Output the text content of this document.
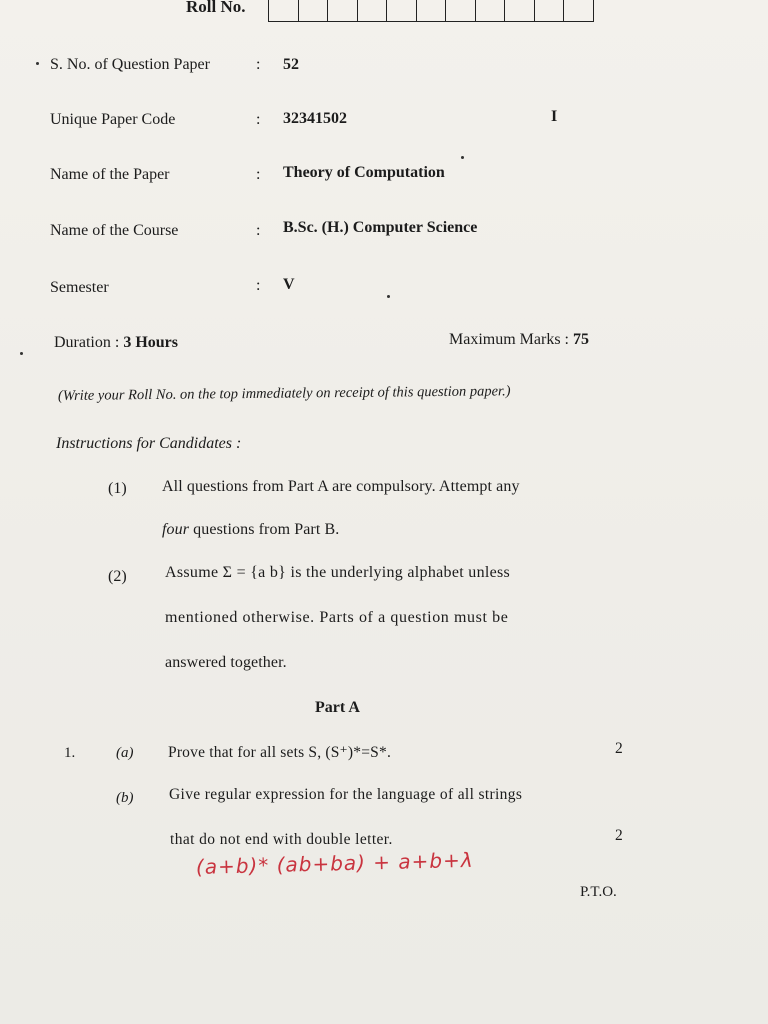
Roll No.
S. No. of Question Paper	: 52
Unique Paper Code	: 32341502	I
Name of the Paper	: Theory of Computation
Name of the Course	: B.Sc. (H.) Computer Science
Semester	: V
Duration : 3 Hours	Maximum Marks : 75
(Write your Roll No. on the top immediately on receipt of this question paper.)
Instructions for Candidates :
(1) All questions from Part A are compulsory. Attempt any
four questions from Part B.
(2) Assume Σ = {a b} is the underlying alphabet unless
mentioned otherwise. Parts of a question must be
answered together.
Part A
1.	(a) Prove that for all sets S, (S⁺)*=S*.	2
(b) Give regular expression for the language of all strings
that do not end with double letter.	2
(a+b)* (ab+ba) + a+b+λ
P.T.O.
